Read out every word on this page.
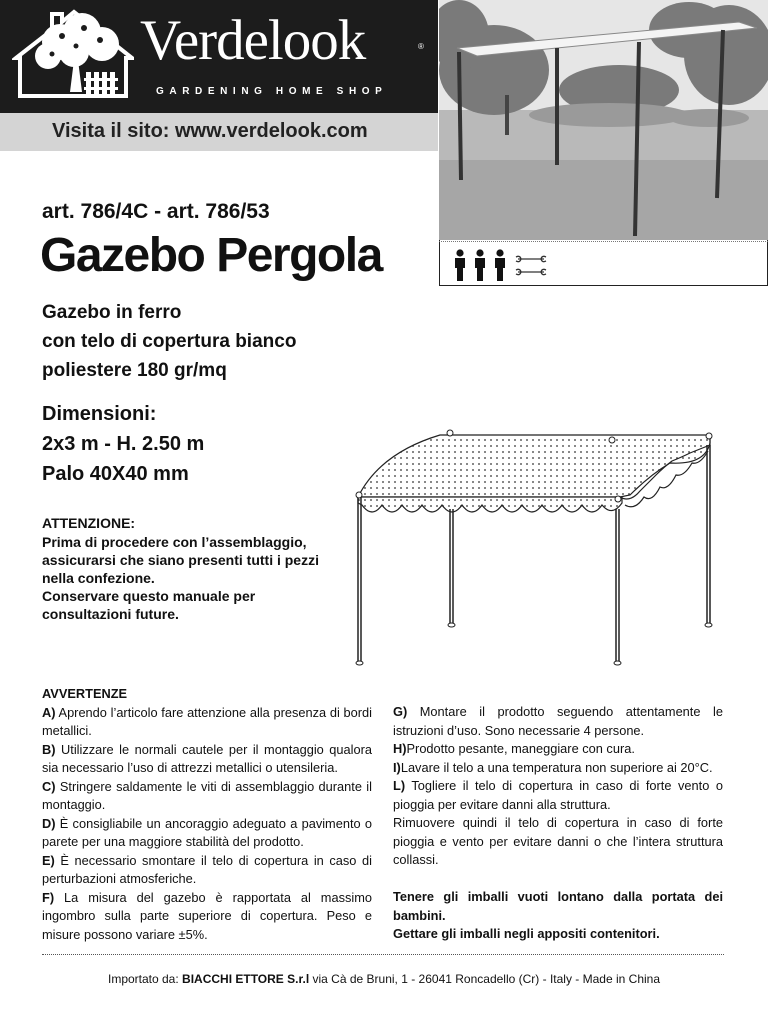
Verdelook	®
GARDENING HOME SHOP
Visita il sito: www.verdelook.com
art. 786/4C - art. 786/53
Gazebo Pergola
Gazebo in ferro
con telo di copertura bianco
poliestere 180 gr/mq
Dimensioni:
2x3 m - H. 2.50 m
Palo 40X40 mm
ATTENZIONE:
Prima di procedere con l’assemblaggio,
assicurarsi che siano presenti tutti i pezzi
nella confezione.
Conservare questo manuale per
consultazioni future.

AVVERTENZE

A) Aprendo l’articolo fare attenzione alla presenza di bordi metallici.

B) Utilizzare le normali cautele per il montaggio qualora sia necessario l’uso di attrezzi metallici o utensileria.

C) Stringere saldamente le viti di assemblaggio durante il montaggio.

D) È consigliabile un ancoraggio adeguato a pavimento o parete per una maggiore stabilità del prodotto.

E) È necessario smontare il telo di copertura in caso di perturbazioni atmosferiche.

F) La misura del gazebo è rapportata al massimo ingombro sulla parte superiore di copertura. Peso e misure possono variare ±5%.

G) Montare il prodotto seguendo attentamente le istruzioni d’uso. Sono necessarie 4 persone.

H)Prodotto pesante, maneggiare con cura.

I)Lavare il telo a una temperatura non superiore ai 20°C.

L) Togliere il telo di copertura in caso di forte vento o pioggia per evitare danni alla struttura.

Rimuovere quindi il telo di copertura in caso di forte pioggia e vento per evitare danni o che l’intera struttura collassi.

Tenere gli imballi vuoti lontano dalla portata dei bambini.

Gettare gli imballi negli appositi contenitori.

Importato da: BIACCHI ETTORE S.r.l via Cà de Bruni, 1 - 26041 Roncadello (Cr) - Italy - Made in China
